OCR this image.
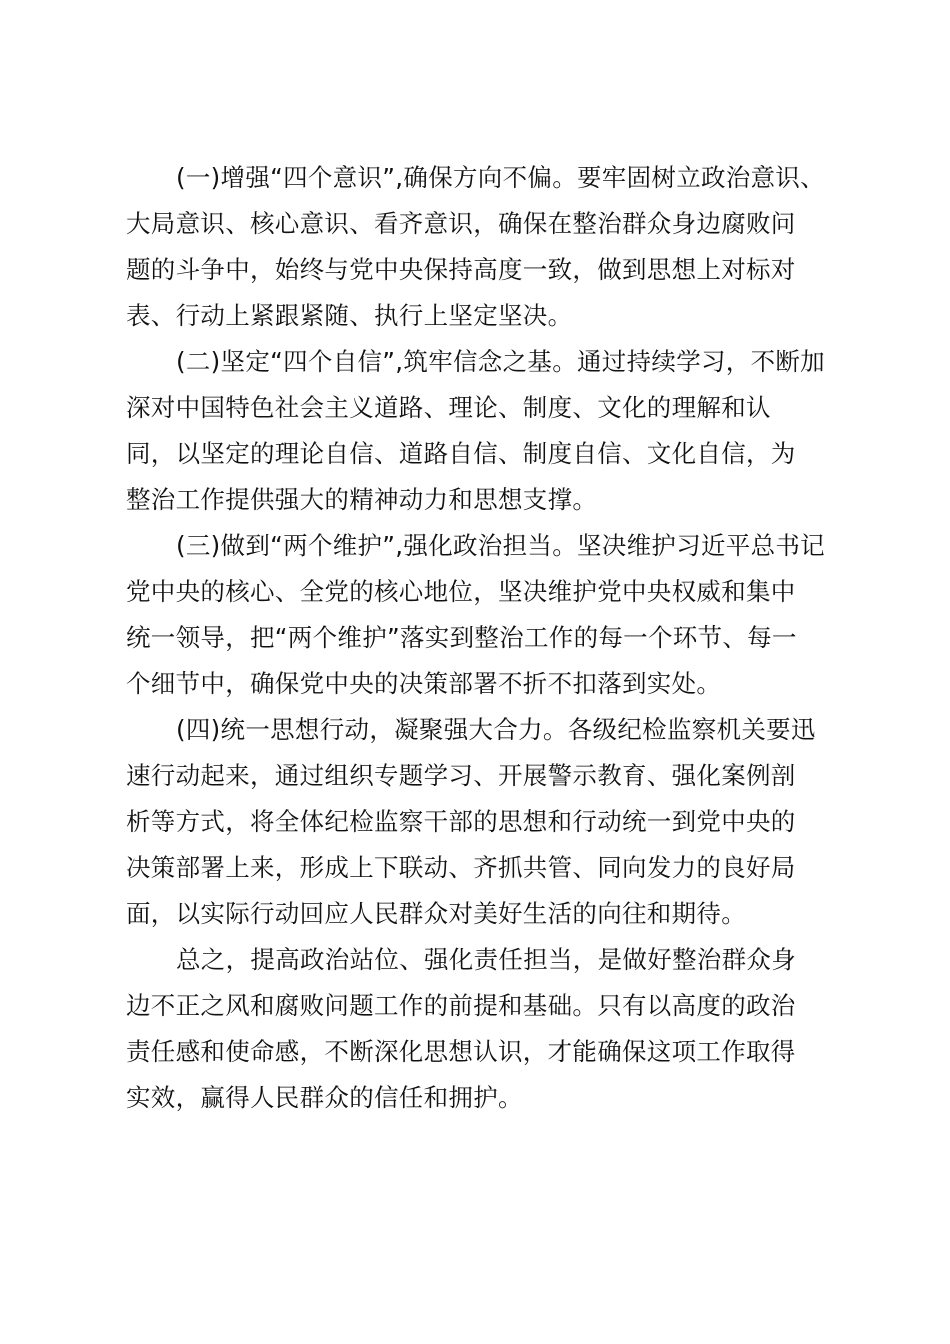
(一)增强“四个意识”,确保方向不偏。要牢固树立政治意识、
大局意识、核心意识、看齐意识，确保在整治群众身边腐败问
题的斗争中，始终与党中央保持高度一致，做到思想上对标对
表、行动上紧跟紧随、执行上坚定坚决。
(二)坚定“四个自信”,筑牢信念之基。通过持续学习，不断加
深对中国特色社会主义道路、理论、制度、文化的理解和认
同，以坚定的理论自信、道路自信、制度自信、文化自信，为
整治工作提供强大的精神动力和思想支撑。
(三)做到“两个维护”,强化政治担当。坚决维护习近平总书记
党中央的核心、全党的核心地位，坚决维护党中央权威和集中
统一领导，把“两个维护”落实到整治工作的每一个环节、每一
个细节中，确保党中央的决策部署不折不扣落到实处。
(四)统一思想行动，凝聚强大合力。各级纪检监察机关要迅
速行动起来，通过组织专题学习、开展警示教育、强化案例剖
析等方式，将全体纪检监察干部的思想和行动统一到党中央的
决策部署上来，形成上下联动、齐抓共管、同向发力的良好局
面，以实际行动回应人民群众对美好生活的向往和期待。
总之，提高政治站位、强化责任担当，是做好整治群众身
边不正之风和腐败问题工作的前提和基础。只有以高度的政治
责任感和使命感，不断深化思想认识，才能确保这项工作取得
实效，赢得人民群众的信任和拥护。
